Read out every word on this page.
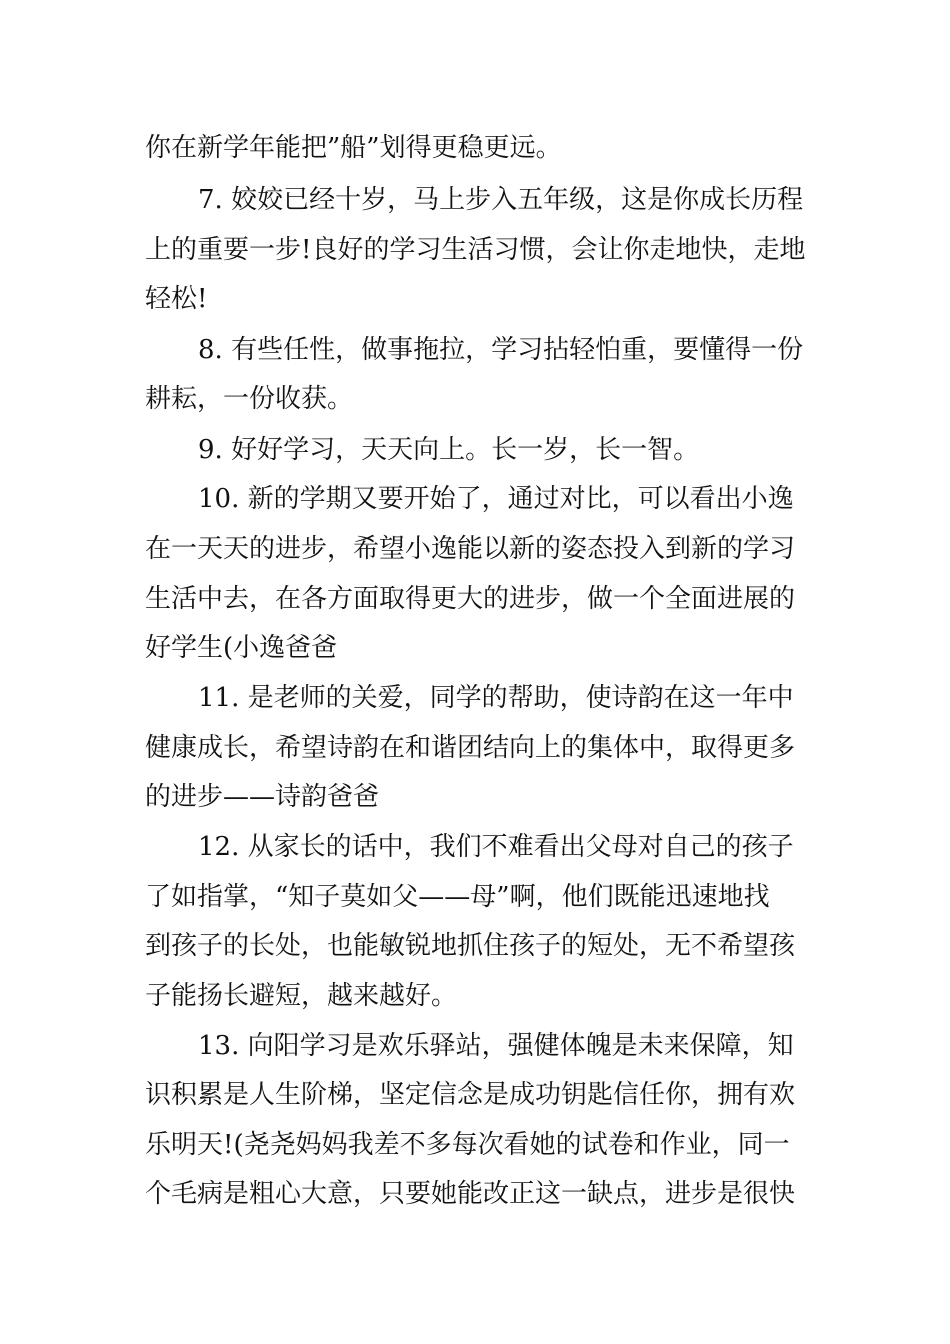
你在新学年能把”船”划得更稳更远。
7. 姣姣已经十岁，马上步入五年级，这是你成长历程
上的重要一步!良好的学习生活习惯，会让你走地快，走地
轻松!
8. 有些任性，做事拖拉，学习拈轻怕重，要懂得一份
耕耘，一份收获。
9. 好好学习，天天向上。长一岁，长一智。
10. 新的学期又要开始了，通过对比，可以看出小逸
在一天天的进步，希望小逸能以新的姿态投入到新的学习
生活中去，在各方面取得更大的进步，做一个全面进展的
好学生(小逸爸爸
11. 是老师的关爱，同学的帮助，使诗韵在这一年中
健康成长，希望诗韵在和谐团结向上的集体中，取得更多
的进步——诗韵爸爸
12. 从家长的话中，我们不难看出父母对自己的孩子
了如指掌，“知子莫如父——母”啊，他们既能迅速地找
到孩子的长处，也能敏锐地抓住孩子的短处，无不希望孩
子能扬长避短，越来越好。
13. 向阳学习是欢乐驿站，强健体魄是未来保障，知
识积累是人生阶梯，坚定信念是成功钥匙信任你，拥有欢
乐明天!(尧尧妈妈我差不多每次看她的试卷和作业，同一
个毛病是粗心大意，只要她能改正这一缺点，进步是很快
